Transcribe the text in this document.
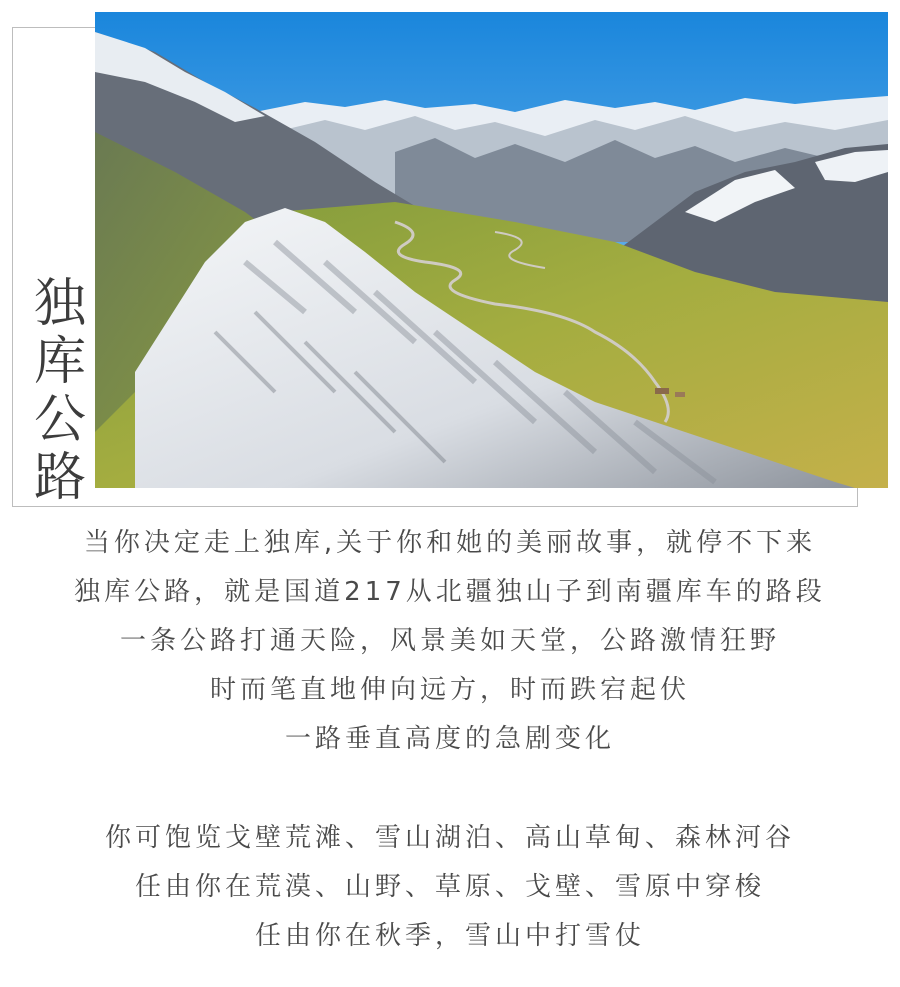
独
库
公
路
当你决定走上独库,关于你和她的美丽故事，就停不下来
独库公路，就是国道217从北疆独山子到南疆库车的路段
一条公路打通天险，风景美如天堂，公路激情狂野
时而笔直地伸向远方，时而跌宕起伏
一路垂直高度的急剧变化
你可饱览戈壁荒滩、雪山湖泊、高山草甸、森林河谷
任由你在荒漠、山野、草原、戈壁、雪原中穿梭
任由你在秋季，雪山中打雪仗
